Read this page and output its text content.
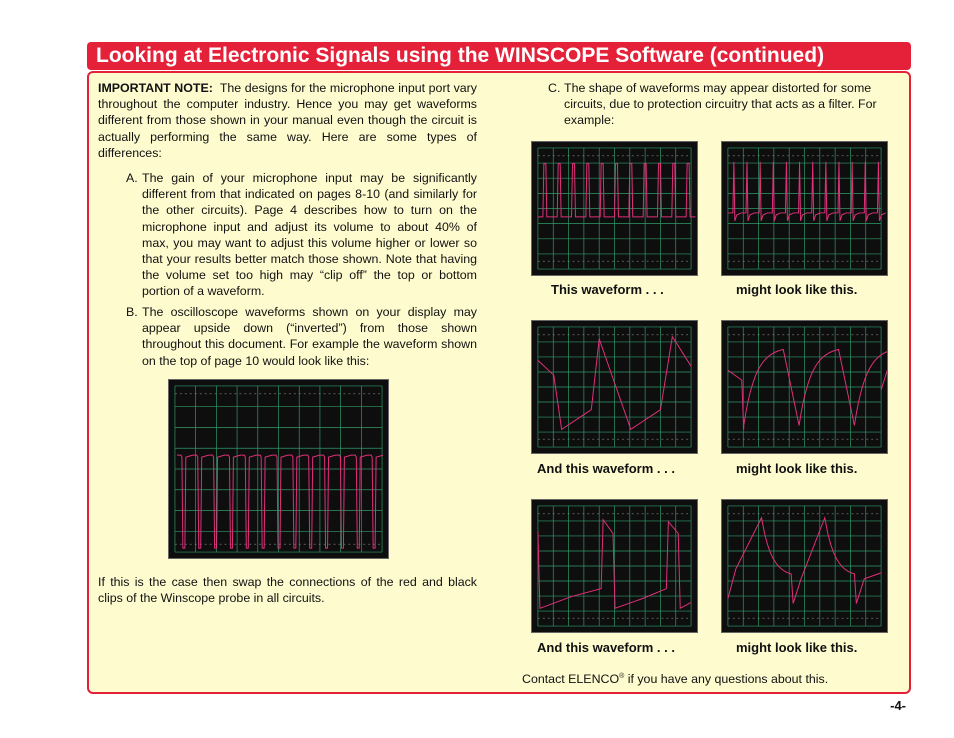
Looking at Electronic Signals using the WINSCOPE Software (continued)
IMPORTANT NOTE: The designs for the microphone input port vary throughout the computer industry. Hence you may get waveforms different from those shown in your manual even though the circuit is actually performing the same way. Here are some types of differences:
A. The gain of your microphone input may be significantly different from that indicated on pages 8-10 (and similarly for the other circuits). Page 4 describes how to turn on the microphone input and adjust its volume to about 40% of max, you may want to adjust this volume higher or lower so that your results better match those shown. Note that having the volume set too high may “clip off” the top or bottom portion of a waveform.
B. The oscilloscope waveforms shown on your display may appear upside down (“inverted”) from those shown throughout this document. For example the waveform shown on the top of page 10 would look like this:
If this is the case then swap the connections of the red and black clips of the Winscope probe in all circuits.
C. The shape of waveforms may appear distorted for some circuits, due to protection circuitry that acts as a filter. For example:
This waveform . . .	might look like this.
And this waveform . . .	might look like this.
And this waveform . . .	might look like this.
Contact ELENCO® if you have any questions about this.
-4-
